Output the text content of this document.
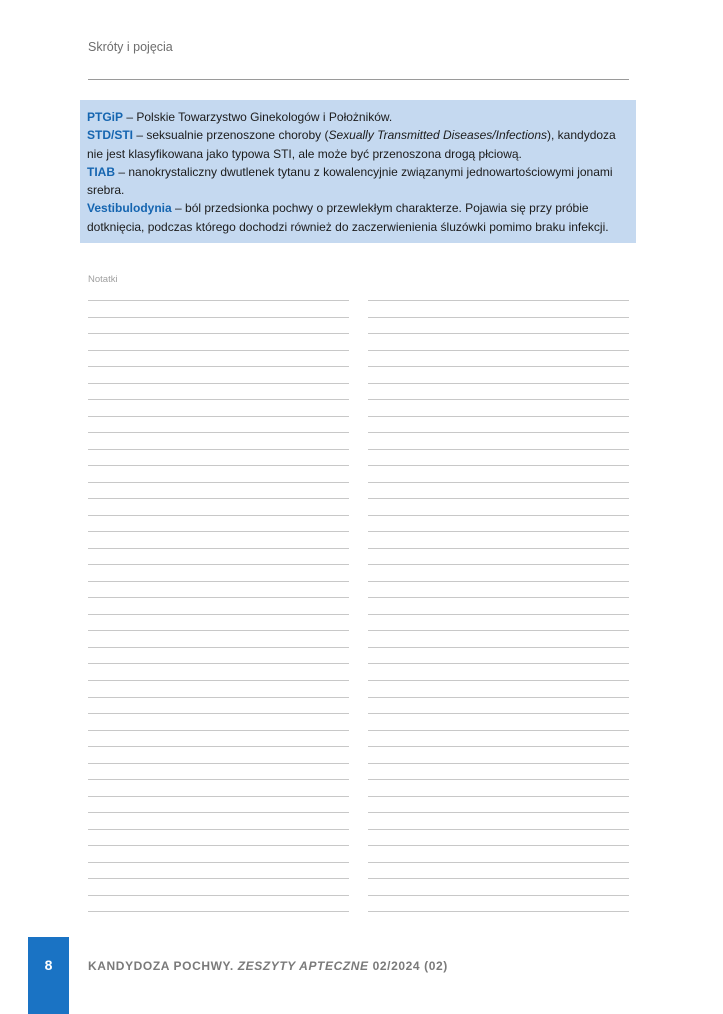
Skróty i pojęcia

PTGiP – Polskie Towarzystwo Ginekologów i Położników.

STD/STI – seksualnie przenoszone choroby (Sexually Transmitted Diseases/Infections), kandydoza nie jest klasyfikowana jako typowa STI, ale może być przenoszona drogą płciową.

TIAB – nanokrystaliczny dwutlenek tytanu z kowalencyjnie związanymi jednowartościowymi jonami srebra.

Vestibulodynia – ból przedsionka pochwy o przewlekłym charakterze. Pojawia się przy próbie dotknięcia, podczas którego dochodzi również do zaczerwienienia śluzówki pomimo braku infekcji.

Notatki
8	KANDYDOZA POCHWY. ZESZYTY APTECZNE 02/2024 (02)
